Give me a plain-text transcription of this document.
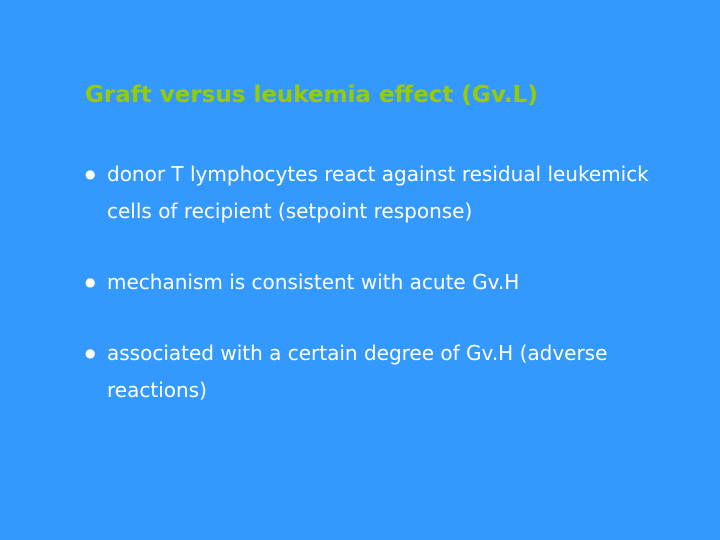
Graft versus leukemia effect (Gv.L)
● donor T lymphocytes react against residual leukemick cells of recipient (setpoint response)
● mechanism is consistent with acute Gv.H
● associated with a certain degree of Gv.H (adverse reactions)
